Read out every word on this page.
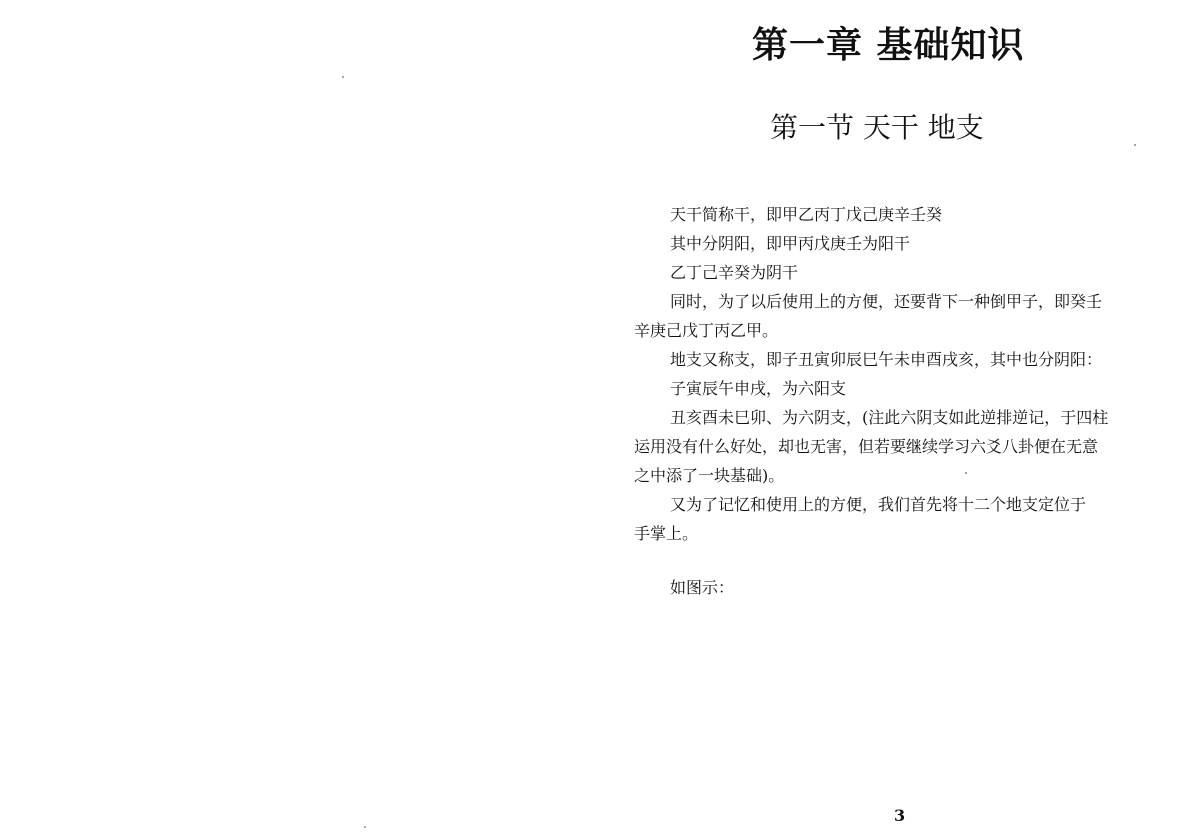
第一章 基础知识
第一节 天干 地支
天干简称干，即甲乙丙丁戊己庚辛壬癸
其中分阴阳，即甲丙戊庚壬为阳干
乙丁己辛癸为阴干
同时，为了以后使用上的方便，还要背下一种倒甲子，即癸壬
辛庚己戊丁丙乙甲。
地支又称支，即子丑寅卯辰巳午未申酉戌亥，其中也分阴阳：
子寅辰午申戌，为六阳支
丑亥酉未巳卯、为六阴支，(注此六阴支如此逆排逆记，于四柱
运用没有什么好处，却也无害，但若要继续学习六爻八卦便在无意
之中添了一块基础)。
又为了记忆和使用上的方便，我们首先将十二个地支定位于
手掌上。
如图示：
3
